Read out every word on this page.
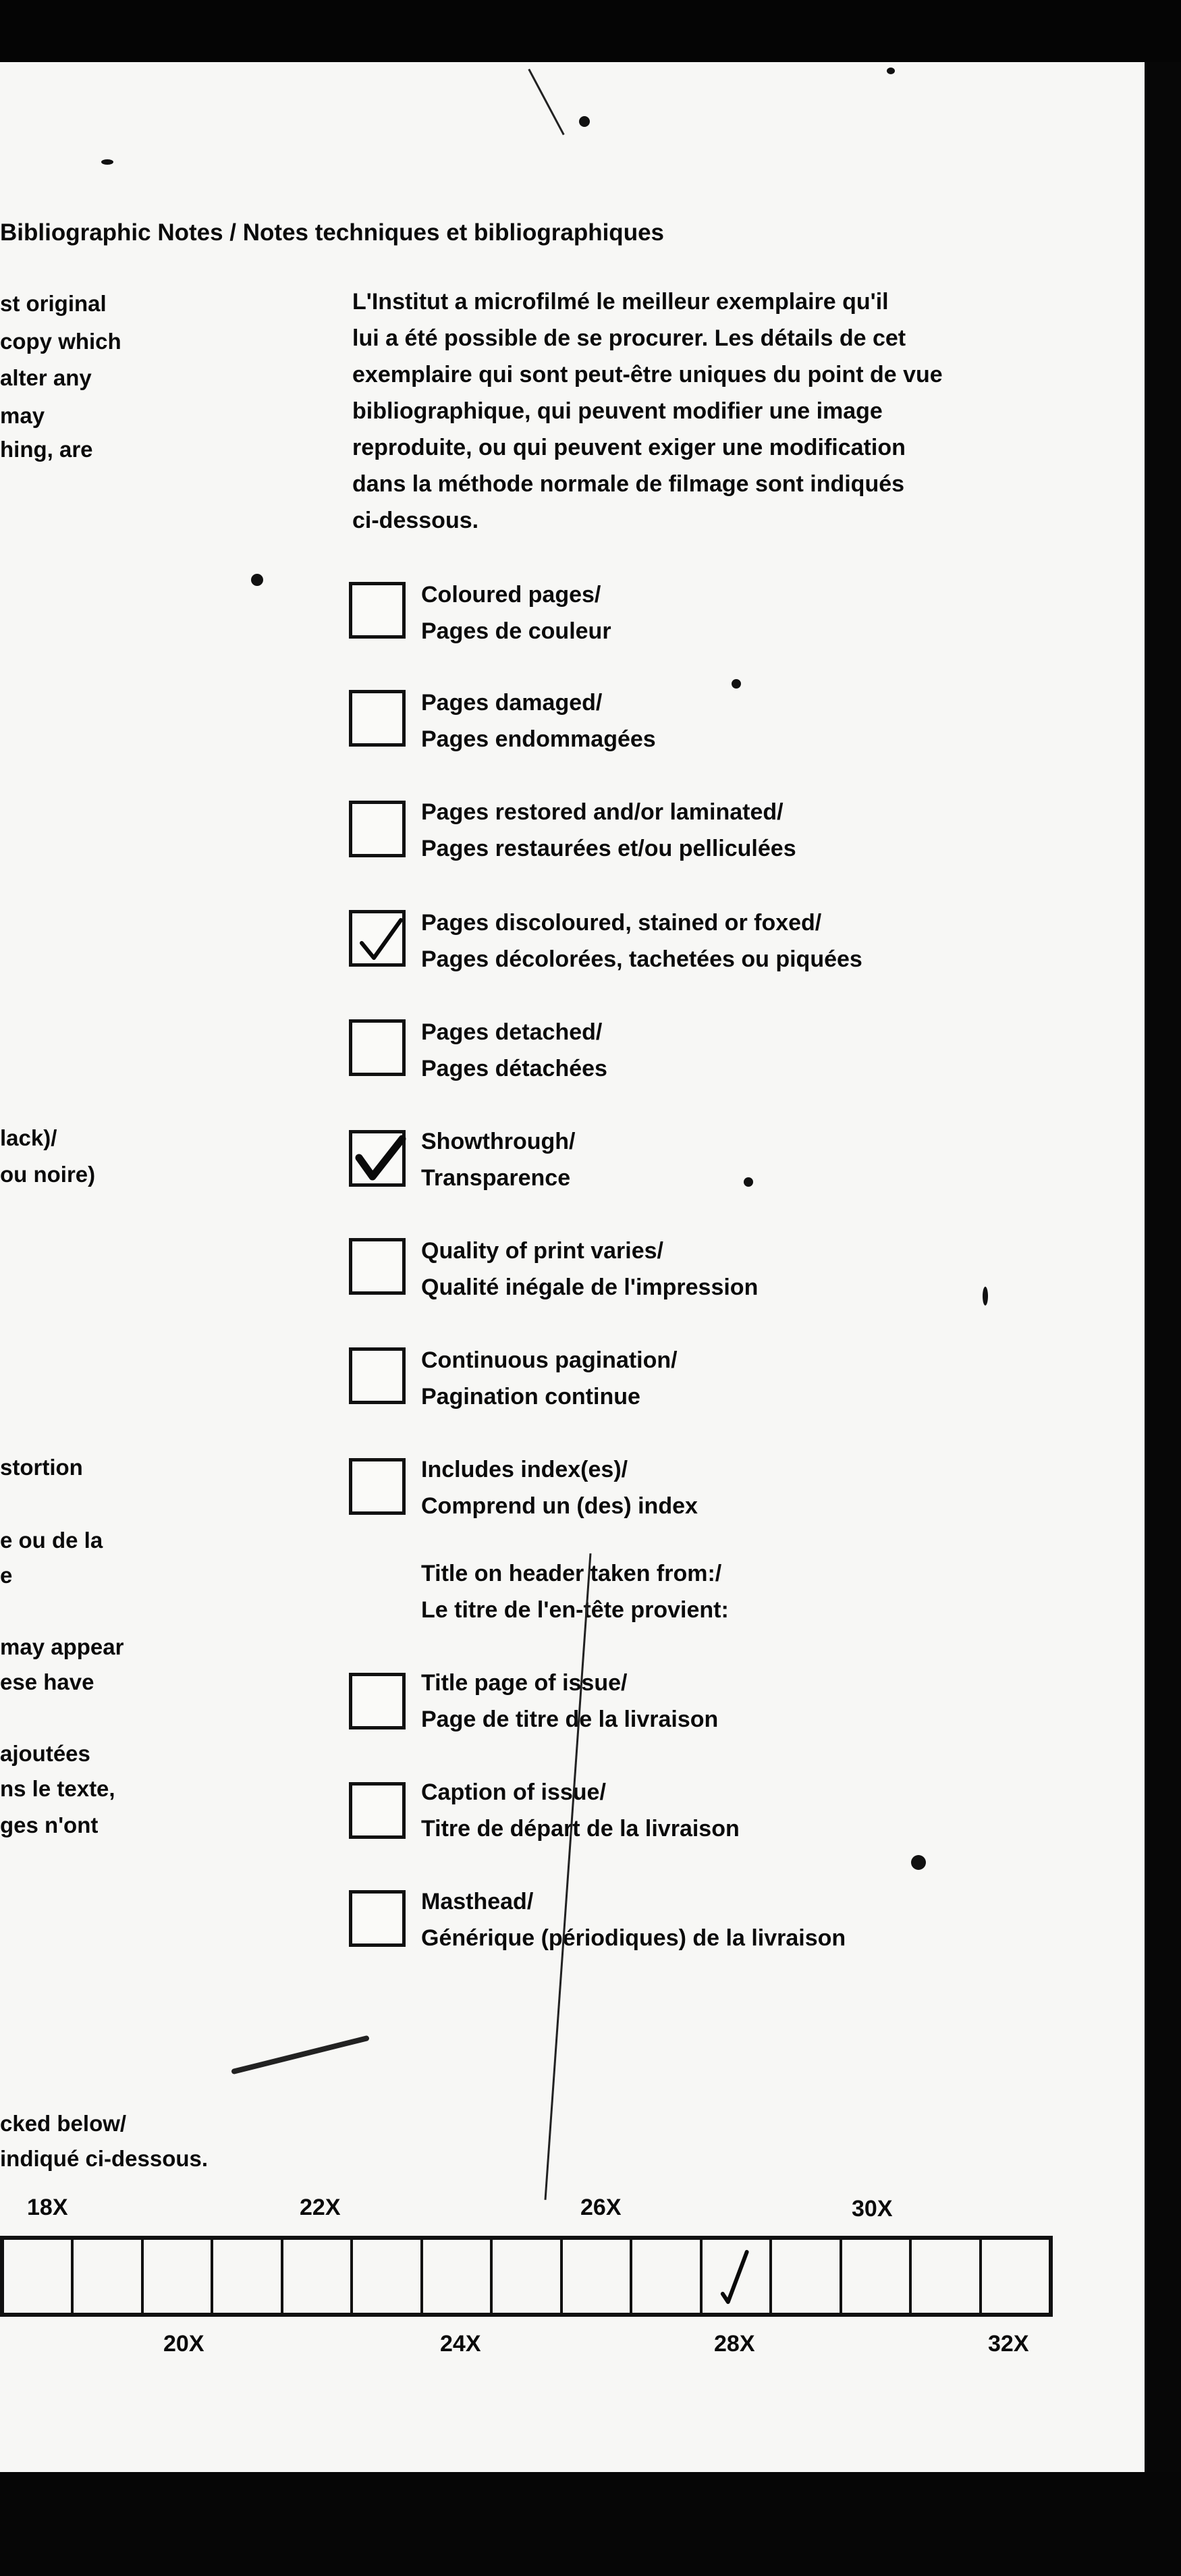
Bibliographic Notes / Notes techniques et bibliographiques
st original
copy which
alter any
may
hing, are
lack)/
ou noire)
stortion
e ou de la
e
may appear
ese have
ajoutées
ns le texte,
ges n'ont
cked below/
indiqué ci-dessous.
L'Institut a microfilmé le meilleur exemplaire qu'il
lui a été possible de se procurer. Les détails de cet
exemplaire qui sont peut-être uniques du point de vue
bibliographique, qui peuvent modifier une image
reproduite, ou qui peuvent exiger une modification
dans la méthode normale de filmage sont indiqués
ci-dessous.
Coloured pages/
Pages de couleur
Pages damaged/
Pages endommagées
Pages restored and/or laminated/
Pages restaurées et/ou pelliculées
Pages discoloured, stained or foxed/
Pages décolorées, tachetées ou piquées
Pages detached/
Pages détachées
Showthrough/
Transparence
Quality of print varies/
Qualité inégale de l'impression
Continuous pagination/
Pagination continue
Includes index(es)/
Comprend un (des) index
Title on header taken from:/
Le titre de l'en-tête provient:
Title page of issue/
Page de titre de la livraison
Caption of issue/
Titre de départ de la livraison
Masthead/
Générique (périodiques) de la livraison
18X	22X	26X	30X
20X	24X	28X	32X
